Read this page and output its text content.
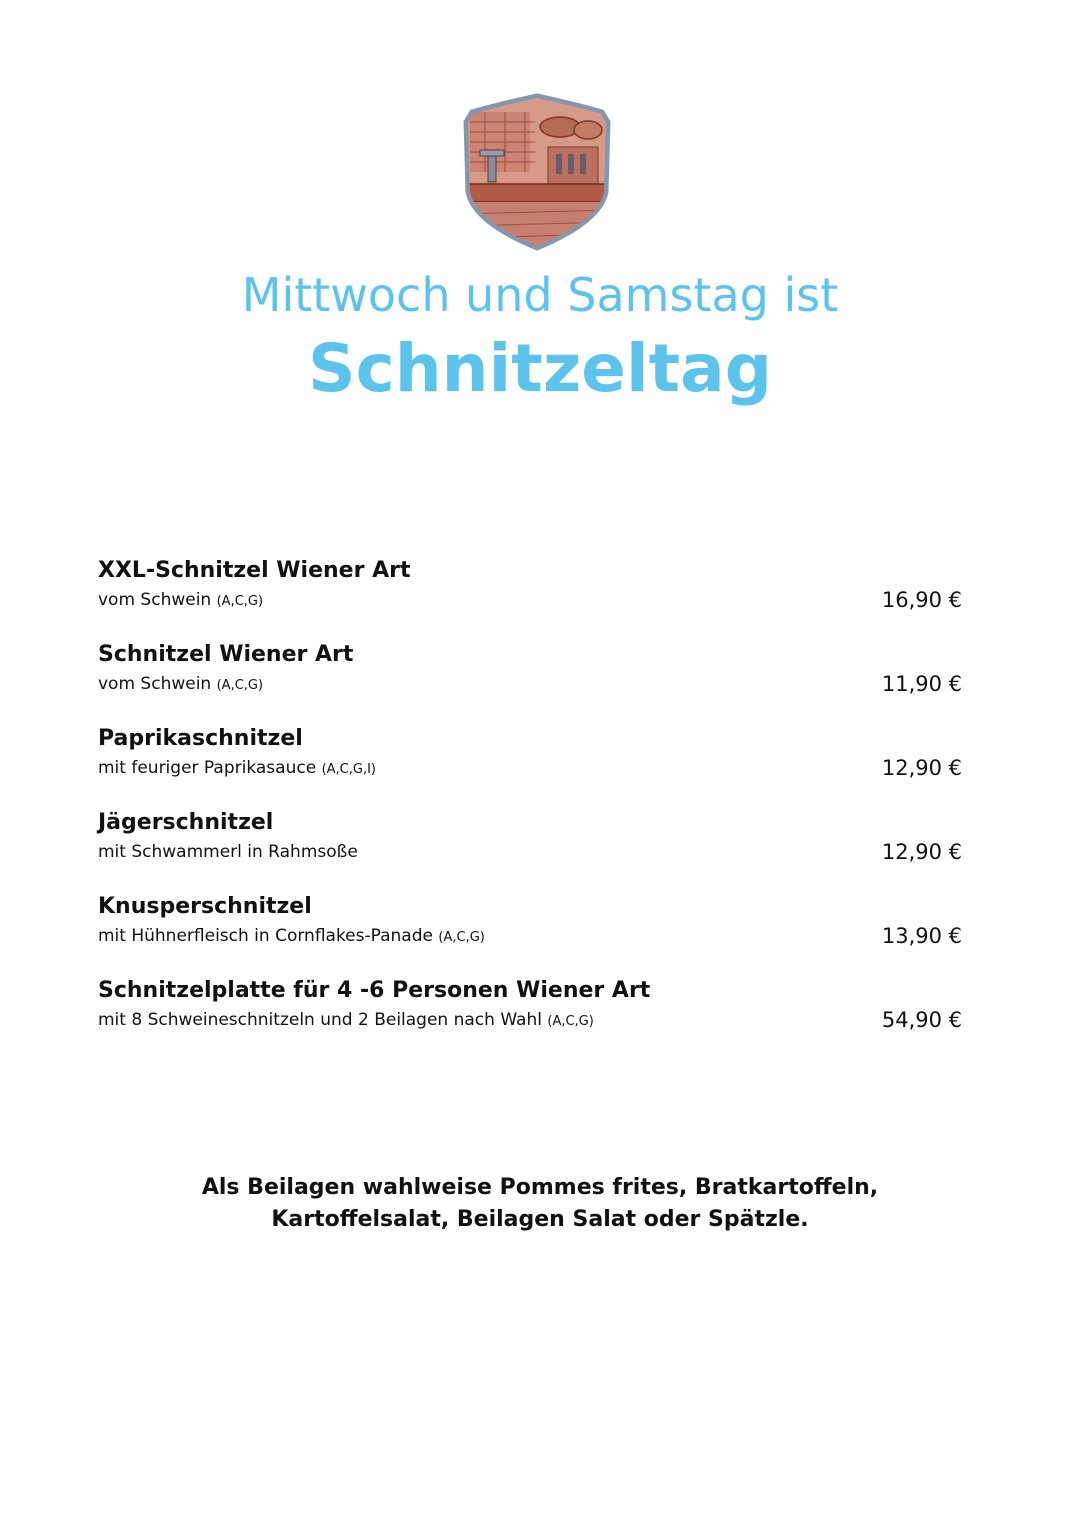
Mittwoch und Samstag ist
Schnitzeltag
XXL-Schnitzel Wiener Art
vom Schwein (A,C,G)	16,90 €
Schnitzel Wiener Art
vom Schwein (A,C,G)	11,90 €
Paprikaschnitzel
mit feuriger Paprikasauce (A,C,G,I)	12,90 €
Jägerschnitzel
mit Schwammerl in Rahmsoße	12,90 €
Knusperschnitzel
mit Hühnerfleisch in Cornflakes-Panade (A,C,G)	13,90 €
Schnitzelplatte für 4 -6 Personen Wiener Art
mit 8 Schweineschnitzeln und 2 Beilagen nach Wahl (A,C,G)	54,90 €
Als Beilagen wahlweise Pommes frites, Bratkartoffeln,
Kartoffelsalat, Beilagen Salat oder Spätzle.
